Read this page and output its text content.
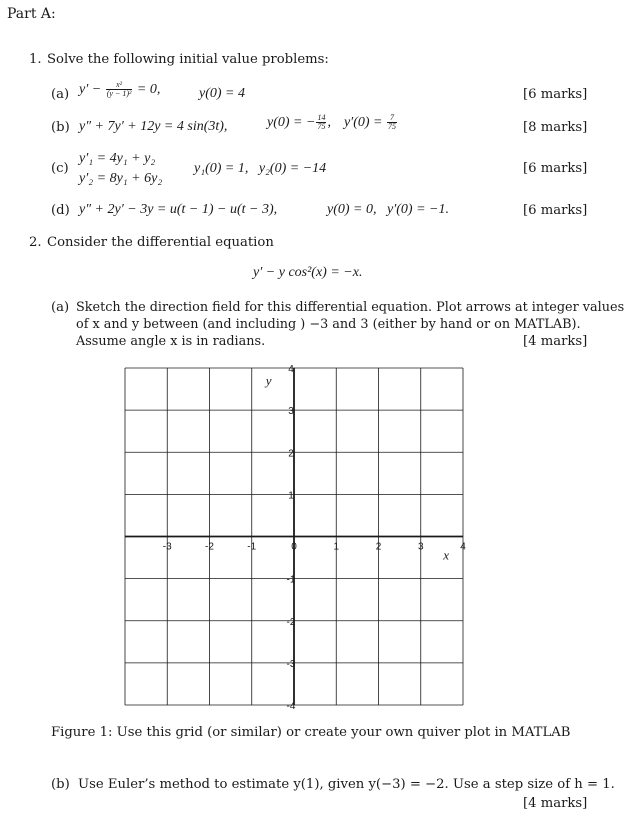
Part A:
1. Solve the following initial value problems:
(a) $y' - \frac{\text{x²}}{\text{(y − 1)²}} = 0$,	y(0) = 4	[6 marks]
(b) y″ + 7y′ + 12y = 4 sin(3t),	y(0) = − $\frac{14}{75}$ , $y'(0) = \frac{7}{75}$	[8 marks]
(c)
y′₁ = 4y₁ + y₂
y′₂ = 8y₁ + 6y₂
y₁(0) = 1,   y₂(0) = −14	[6 marks]
(d) y″ + 2y′ − 3y = u(t − 1) − u(t − 3),	y(0) = 0,   y′(0) = −1.	[6 marks]
2. Consider the differential equation
y′ − y cos²(x) = −x.
(a) Sketch the direction field for this differential equation. Plot arrows at integer values
of x and y between (and including ) −3 and 3 (either by hand or on MATLAB).
Assume angle x is in radians.	[4 marks]
-3	-2	-1	0	1	2	3	4
4
3
2
1
-1
-2
-3
-4
x
y
Figure 1: Use this grid (or similar) or create your own quiver plot in MATLAB
(b) Use Euler’s method to estimate y(1), given y(−3) = −2. Use a step size of h = 1.
[4 marks]
